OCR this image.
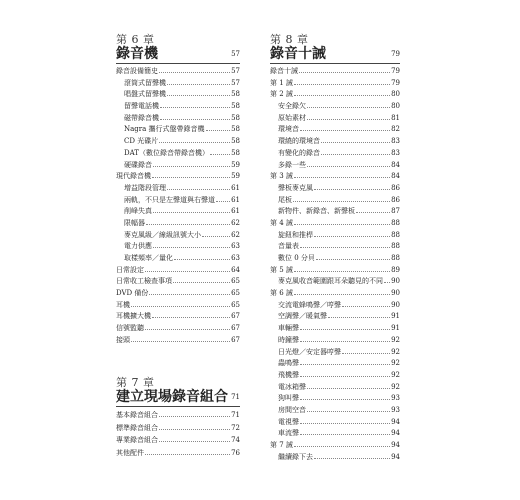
第 6 章
錄音機	57
錄音設備簡史	57
滾筒式留聲機	57
唱盤式留聲機	58
留聲電話機	58
磁帶錄音機	58
Nagra 攜行式盤帶錄音機	58
CD 光碟片	58
DAT（數位錄音帶錄音機）	58
硬碟錄音	59
現代錄音機	59
增益階段管理	61
兩軌，不只是左聲道與右聲道 61
削峰失真	61
限幅器	62
麥克風級／線級訊號大小	62
電力供應	63
取樣頻率／量化	63
日常設定	64
日常收工檢查事項	65
DVD 備份	65
耳機	65
耳機擴大機	67
信號監聽	67
接頭	67
第 7 章
建立現場錄音組合 71
基本錄音組合	71
標準錄音組合	72
專業錄音組合	74
其他配件	76
第 8 章
錄音十誡	79
錄音十誡	79
第 1 誡	79
第 2 誡	80
安全錄欠	80
原始素材	81
環境音	82
環繞的環境音	83
有變化的錄音	83
多錄一些	84
第 3 誡	84
聲板麥克風	86
尾板	86
新物件、新錄音、新聲板	87
第 4 誡	88
旋鈕和推桿	88
音量表	88
數位 0 分貝	88
第 5 誡	89
麥克風收音範圍跟耳朵聽見的不同 90
第 6 誡	90
交流電蜂鳴聲／哼聲	90
空調聲／暖氣聲	91
車輛聲	91
時鐘聲	92
日光燈／安定器哼聲	92
蟲鳴聲	92
飛機聲	92
電冰箱聲	92
狗叫聲	93
房間空音	93
電視聲	94
車流聲	94
第 7 誡	94
繼續錄下去	94
